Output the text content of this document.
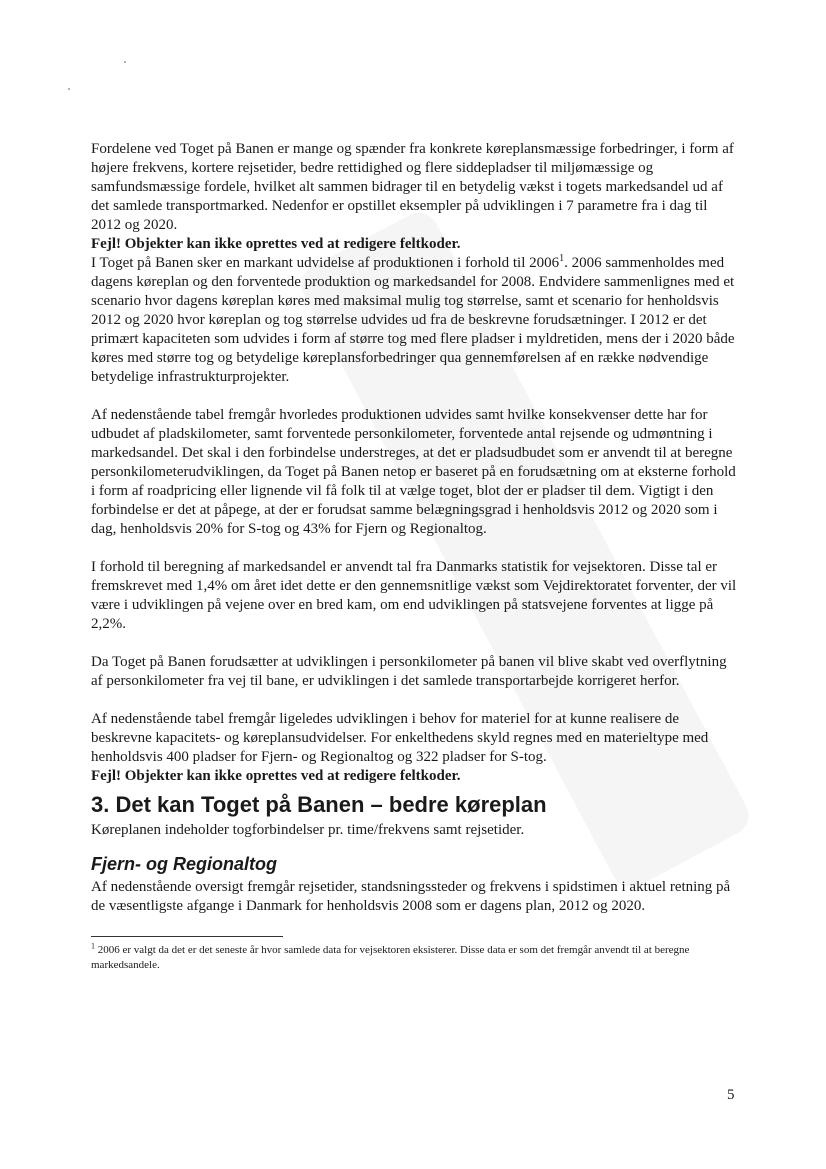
Fordelene ved Toget på Banen er mange og spænder fra konkrete køreplansmæssige forbedringer, i form af højere frekvens, kortere rejsetider, bedre rettidighed og flere siddepladser til miljømæssige og samfundsmæssige fordele, hvilket alt sammen bidrager til en betydelig vækst i togets markedsandel ud af det samlede transportmarked. Nedenfor er opstillet eksempler på udviklingen i 7 parametre fra i dag til 2012 og 2020.

Fejl! Objekter kan ikke oprettes ved at redigere feltkoder.

I Toget på Banen sker en markant udvidelse af produktionen i forhold til 2006$^1$. 2006 sammenholdes med dagens køreplan og den forventede produktion og markedsandel for 2008. Endvidere sammenlignes med et scenario hvor dagens køreplan køres med maksimal mulig tog størrelse, samt et scenario for henholdsvis 2012 og 2020 hvor køreplan og tog størrelse udvides ud fra de beskrevne forudsætninger. I 2012 er det primært kapaciteten som udvides i form af større tog med flere pladser i myldretiden, mens der i 2020 både køres med større tog og betydelige køreplansforbedringer qua gennemførelsen af en række nødvendige betydelige infrastrukturprojekter.

Af nedenstående tabel fremgår hvorledes produktionen udvides samt hvilke konsekvenser dette har for udbudet af pladskilometer, samt forventede personkilometer, forventede antal rejsende og udmøntning i markedsandel. Det skal i den forbindelse understreges, at det er pladsudbudet som er anvendt til at beregne personkilometerudviklingen, da Toget på Banen netop er baseret på en forudsætning om at eksterne forhold i form af roadpricing eller lignende vil få folk til at vælge toget, blot der er pladser til dem. Vigtigt i den forbindelse er det at påpege, at der er forudsat samme belægningsgrad i henholdsvis 2012 og 2020 som i dag, henholdsvis 20% for S-tog og 43% for Fjern og Regionaltog.

I forhold til beregning af markedsandel er anvendt tal fra Danmarks statistik for vejsektoren. Disse tal er fremskrevet med 1,4% om året idet dette er den gennemsnitlige vækst som Vejdirektoratet forventer, der vil være i udviklingen på vejene over en bred kam, om end udviklingen på statsvejene forventes at ligge på 2,2%.

Da Toget på Banen forudsætter at udviklingen i personkilometer på banen vil blive skabt ved overflytning af personkilometer fra vej til bane, er udviklingen i det samlede transportarbejde korrigeret herfor.

Af nedenstående tabel fremgår ligeledes udviklingen i behov for materiel for at kunne realisere de beskrevne kapacitets- og køreplansudvidelser. For enkelthedens skyld regnes med en materieltype med henholdsvis 400 pladser for Fjern- og Regionaltog og 322 pladser for S-tog.

Fejl! Objekter kan ikke oprettes ved at redigere feltkoder.

3. Det kan Toget på Banen – bedre køreplan

Køreplanen indeholder togforbindelser pr. time/frekvens samt rejsetider.

Fjern- og Regionaltog

Af nedenstående oversigt fremgår rejsetider, standsningssteder og frekvens i spidstimen i aktuel retning på de væsentligste afgange i Danmark for henholdsvis 2008 som er dagens plan, 2012 og 2020.

$^1$ 2006 er valgt da det er det seneste år hvor samlede data for vejsektoren eksisterer. Disse data er som det fremgår anvendt til at beregne markedsandele.

5
